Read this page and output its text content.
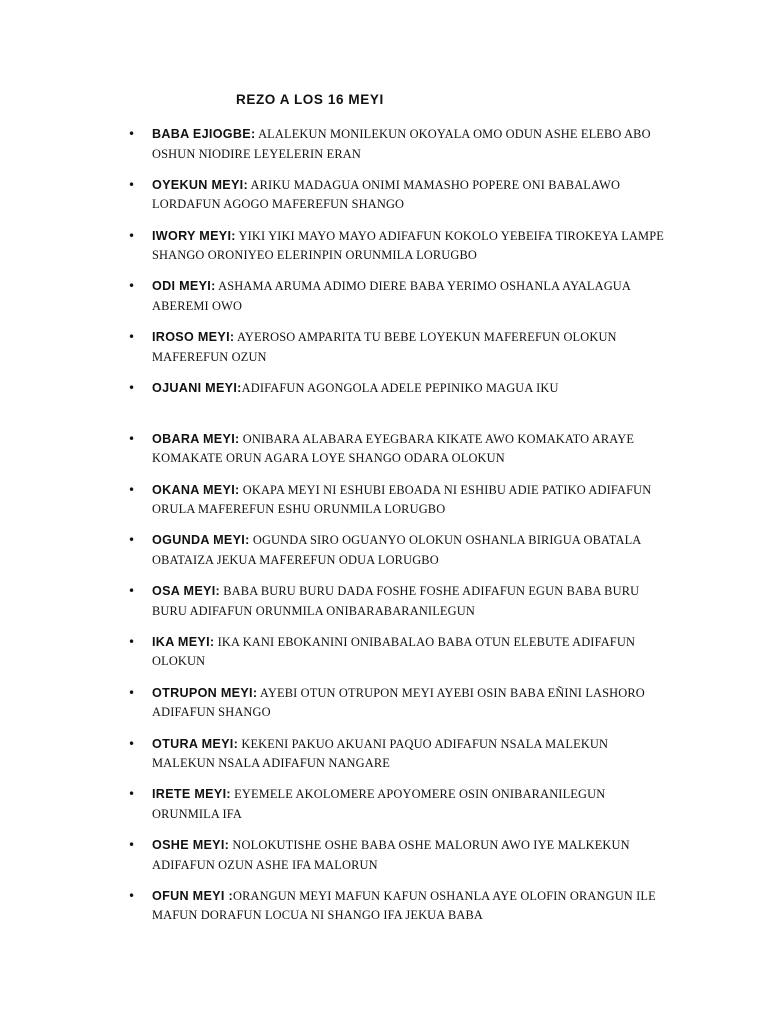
REZO A LOS 16 MEYI
• BABA EJIOGBE: ALALEKUN MONILEKUN OKOYALA OMO ODUN ASHE ELEBO ABO OSHUN NIODIRE LEYELERIN ERAN
• OYEKUN MEYI: ARIKU MADAGUA ONIMI MAMASHO POPERE ONI BABALAWO LORDAFUN AGOGO MAFEREFUN SHANGO
• IWORY MEYI: YIKI YIKI MAYO MAYO ADIFAFUN KOKOLO YEBEIFA TIROKEYA LAMPE SHANGO ORONIYEO ELERINPIN ORUNMILA LORUGBO
• ODI MEYI: ASHAMA ARUMA ADIMO DIERE BABA YERIMO OSHANLA AYALAGUA ABEREMI OWO
• IROSO MEYI: AYEROSO AMPARITA TU BEBE LOYEKUN MAFEREFUN OLOKUN MAFEREFUN OZUN
• OJUANI MEYI:ADIFAFUN AGONGOLA ADELE PEPINIKO MAGUA IKU
• OBARA MEYI: ONIBARA ALABARA EYEGBARA KIKATE AWO KOMAKATO ARAYE KOMAKATE ORUN AGARA LOYE SHANGO ODARA OLOKUN
• OKANA MEYI: OKAPA MEYI NI ESHUBI EBOADA NI ESHIBU ADIE PATIKO ADIFAFUN ORULA MAFEREFUN ESHU ORUNMILA LORUGBO
• OGUNDA MEYI: OGUNDA SIRO OGUANYO OLOKUN OSHANLA BIRIGUA OBATALA OBATAIZA JEKUA MAFEREFUN ODUA LORUGBO
• OSA MEYI: BABA BURU BURU DADA FOSHE FOSHE ADIFAFUN EGUN BABA BURU BURU ADIFAFUN ORUNMILA ONIBARABARANILEGUN
• IKA MEYI: IKA KANI EBOKANINI ONIBABALAO BABA OTUN ELEBUTE ADIFAFUN OLOKUN
• OTRUPON MEYI: AYEBI OTUN OTRUPON MEYI AYEBI OSIN BABA EÑINI LASHORO ADIFAFUN SHANGO
• OTURA MEYI: KEKENI PAKUO AKUANI PAQUO ADIFAFUN NSALA MALEKUN MALEKUN NSALA ADIFAFUN NANGARE
• IRETE MEYI: EYEMELE AKOLOMERE APOYOMERE OSIN ONIBARANILEGUN ORUNMILA IFA
• OSHE MEYI: NOLOKUTISHE OSHE BABA OSHE MALORUN AWO IYE MALKEKUN ADIFAFUN OZUN ASHE IFA MALORUN
• OFUN MEYI :ORANGUN MEYI MAFUN KAFUN OSHANLA AYE OLOFIN ORANGUN ILE MAFUN DORAFUN LOCUA NI SHANGO IFA JEKUA BABA
